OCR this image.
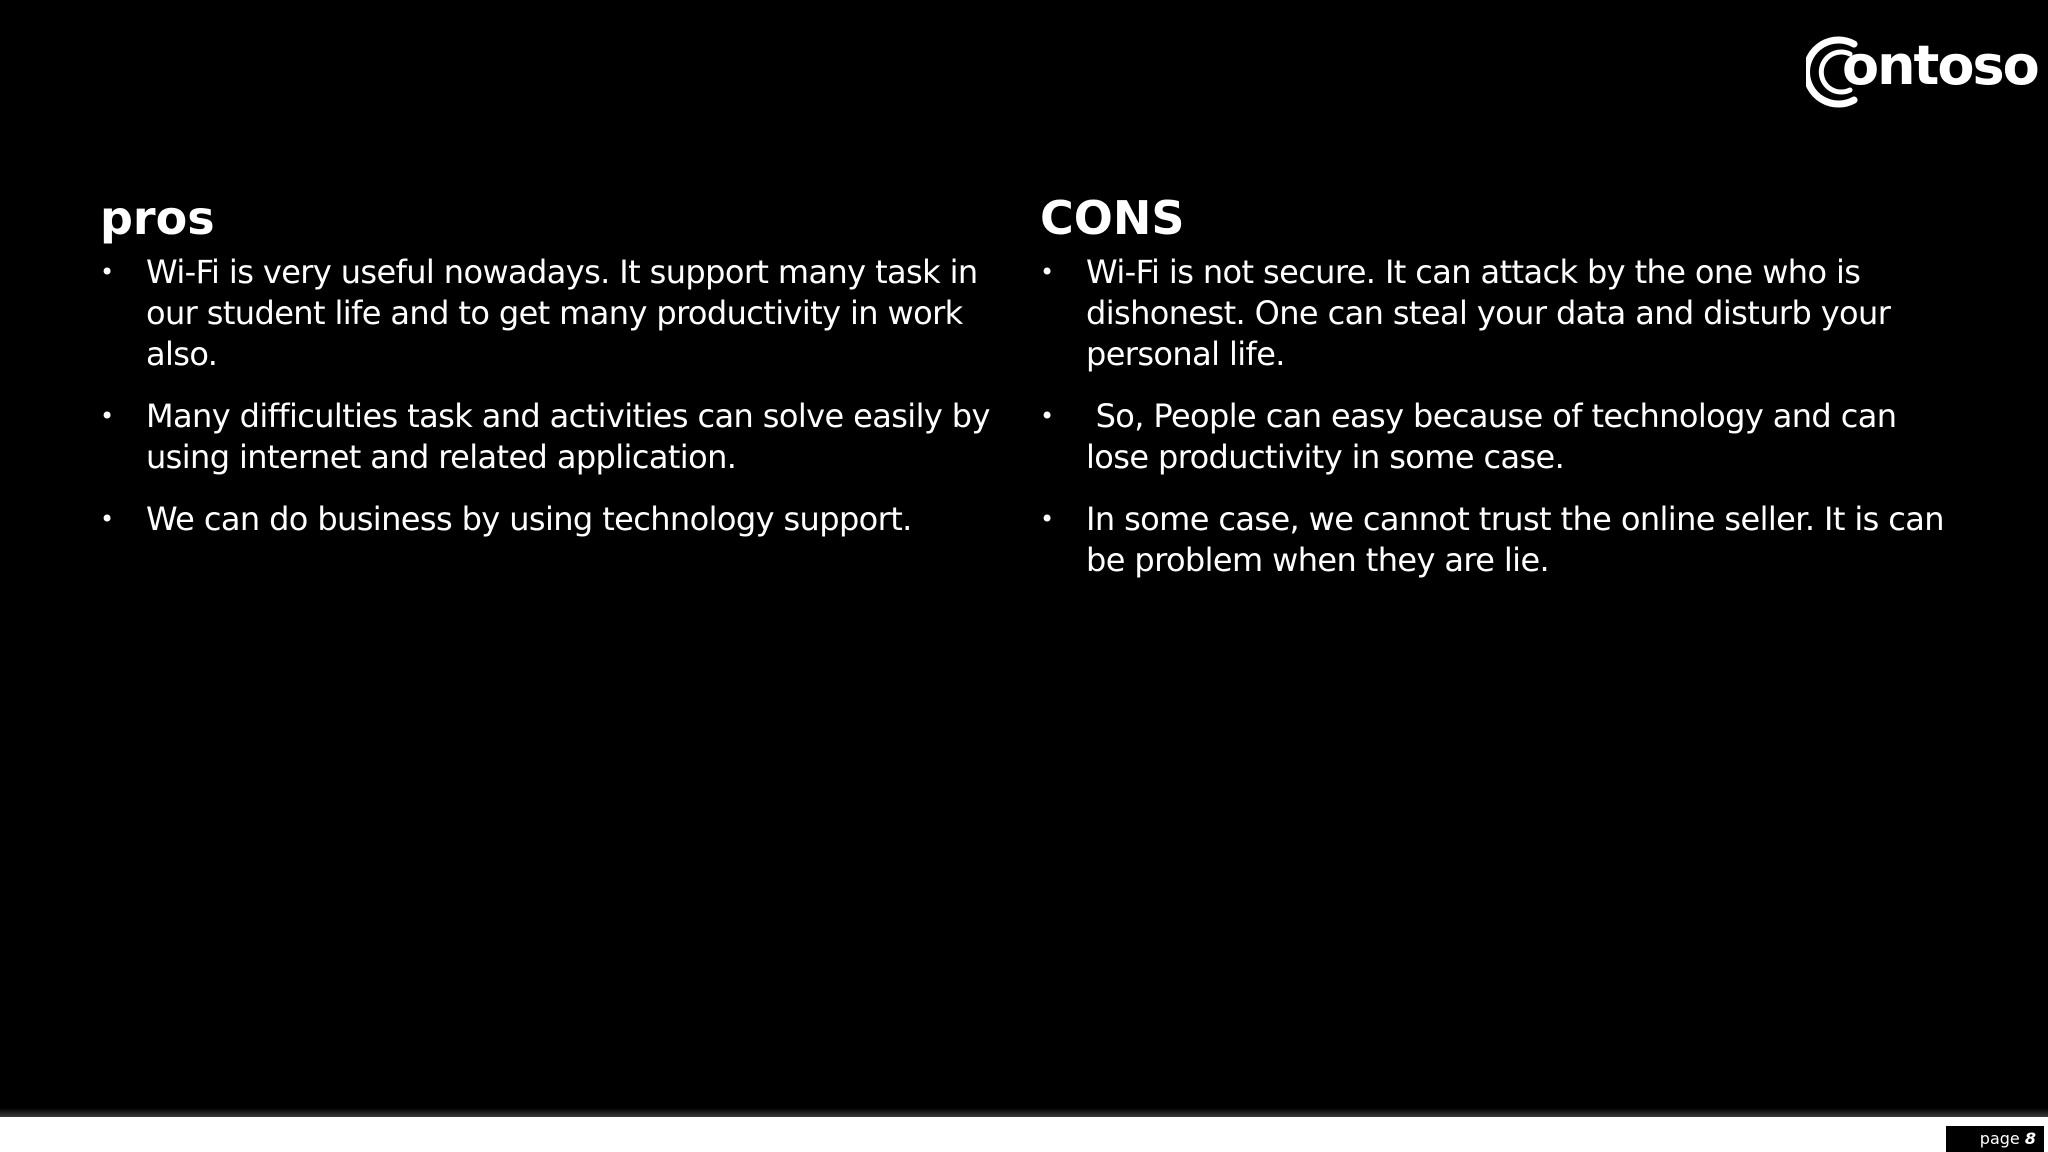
ontoso
pros
• Wi-Fi is very useful nowadays. It support many task in our student life and to get many productivity in work also.
• Many difficulties task and activities can solve easily by using internet and related application.
• We can do business by using technology support.
CONS
• Wi-Fi is not secure. It can attack by the one who is dishonest. One can steal your data and disturb your personal life.
• So, People can easy because of technology and can lose productivity in some case.
• In some case, we cannot trust the online seller. It is can be problem when they are lie.
page 8
